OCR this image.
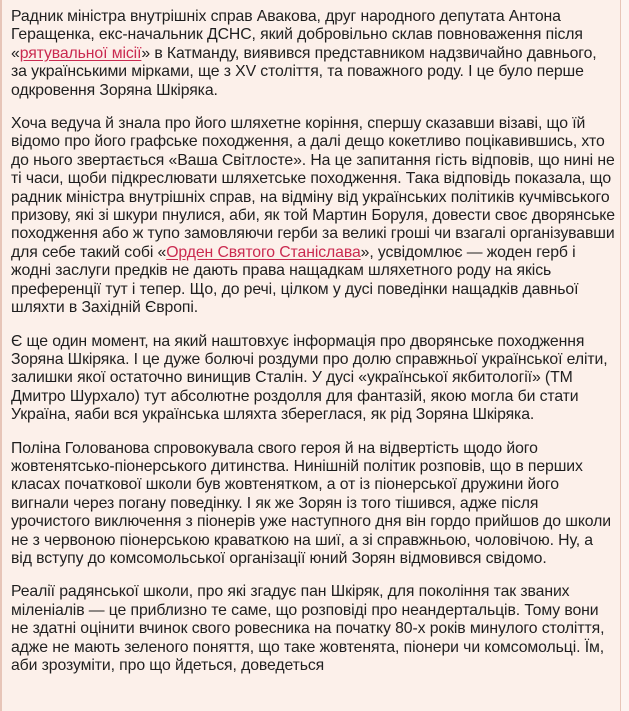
Радник міністра внутрішніх справ Авакова, друг народного депутата Антона Геращенка, екс-начальник ДСНС, який добровільно склав повноваження після «рятувальної місії» в Катманду, виявився представником надзвичайно давнього, за українськими мірками, ще з XV століття, та поважного роду. І це було перше одкровення Зоряна Шкіряка.

Хоча ведуча й знала про його шляхетне коріння, спершу сказавши візаві, що їй відомо про його графське походження, а далі дещо кокетливо поцікавившись, хто до нього звертається «Ваша Світлосте». На це запитання гість відповів, що нині не ті часи, щоби підкреслювати шляхетське походження. Така відповідь показала, що радник міністра внутрішніх справ, на відміну від українських політиків кучмівського призову, які зі шкури пнулися, аби, як той Мартин Боруля, довести своє дворянське походження або ж тупо замовляючи герби за великі гроші чи взагалі організувавши для себе такий собі «Орден Святого Станіслава», усвідомлює — жоден герб і жодні заслуги предків не дають права нащадкам шляхетного роду на якісь преференції тут і тепер. Що, до речі, цілком у дусі поведінки нащадків давньої шляхти в Західній Європі.

Є ще один момент, на який наштовхує інформація про дворянське походження Зоряна Шкіряка. І це дуже болючі роздуми про долю справжньої української еліти, залишки якої остаточно винищив Сталін. У дусі «української якбитології» (ТМ Дмитро Шурхало) тут абсолютне роздолля для фантазій, якою могла би стати Україна, яаби вся українська шляхта збереглася, як рід Зоряна Шкіряка.

Поліна Голованова спровокувала свого героя й на відвертість щодо його жовтенятсько-піонерського дитинства. Нинішній політик розповів, що в перших класах початкової школи був жовтенятком, а от із піонерської дружини його вигнали через погану поведінку. І як же Зорян із того тішився, адже після урочистого виключення з піонерів уже наступного дня він гордо прийшов до школи не з червоною піонерською краваткою на шиї, а зі справжньою, чоловічою. Ну, а від вступу до комсомольської організації юний Зорян відмовився свідомо.

Реалії радянської школи, про які згадує пан Шкіряк, для покоління так званих міленіалів — це приблизно те саме, що розповіді про неандертальців. Тому вони не здатні оцінити вчинок свого ровесника на початку 80-х років минулого століття, адже не мають зеленого поняття, що таке жовтенята, піонери чи комсомольці. Їм, аби зрозуміти, про що йдеться, доведеться
